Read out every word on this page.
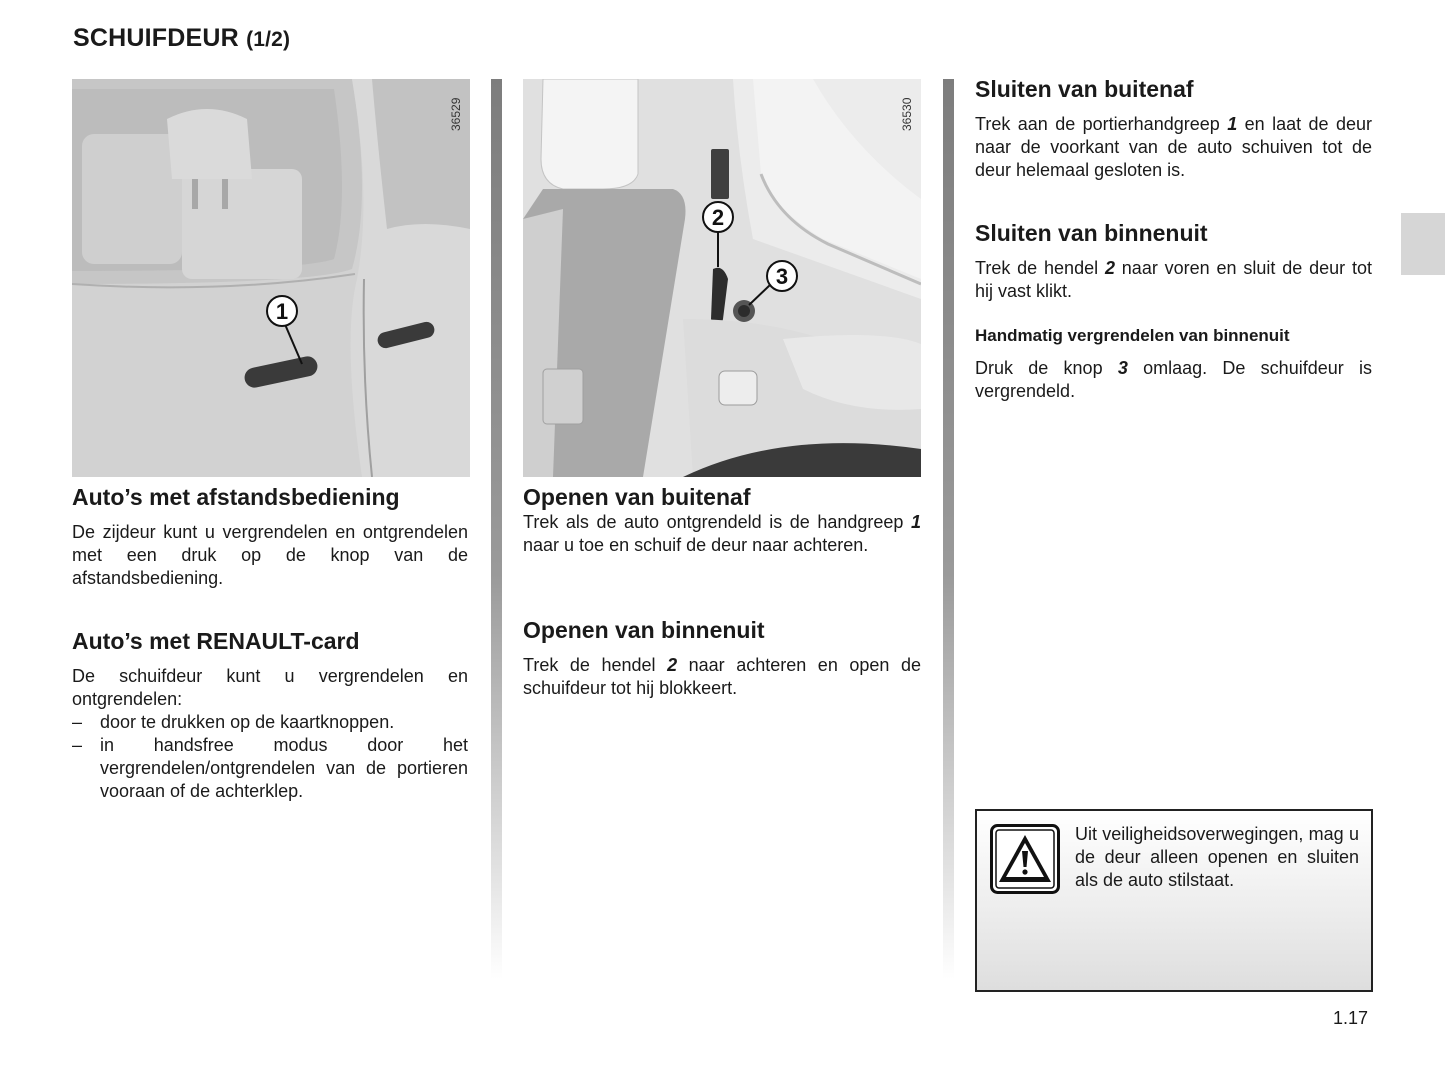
SCHUIFDEUR (1/2)
1
36529
2
3
36530
Auto’s met afstandsbediening

De zijdeur kunt u vergrendelen en ontgrendelen met een druk op de knop van de afstandsbediening.

Auto’s met RENAULT-card

De schuifdeur kunt u vergrendelen en ontgrendelen:

– door te drukken op de kaartknoppen.
– in handsfree modus door het vergrendelen/ontgrendelen van de portieren vooraan of de achterklep.
Openen van buitenaf

Trek als de auto ontgrendeld is de handgreep 1 naar u toe en schuif de deur naar achteren.

Openen van binnenuit

Trek de hendel 2 naar achteren en open de schuifdeur tot hij blokkeert.

Sluiten van buitenaf

Trek aan de portierhandgreep 1 en laat de deur naar de voorkant van de auto schuiven tot de deur helemaal gesloten is.

Sluiten van binnenuit

Trek de hendel 2 naar voren en sluit de deur tot hij vast klikt.

Handmatig vergrendelen van binnenuit

Druk de knop 3 omlaag. De schuifdeur is vergrendeld.

Uit veiligheidsoverwegingen, mag u de deur alleen openen en sluiten als de auto stilstaat.
1.17
